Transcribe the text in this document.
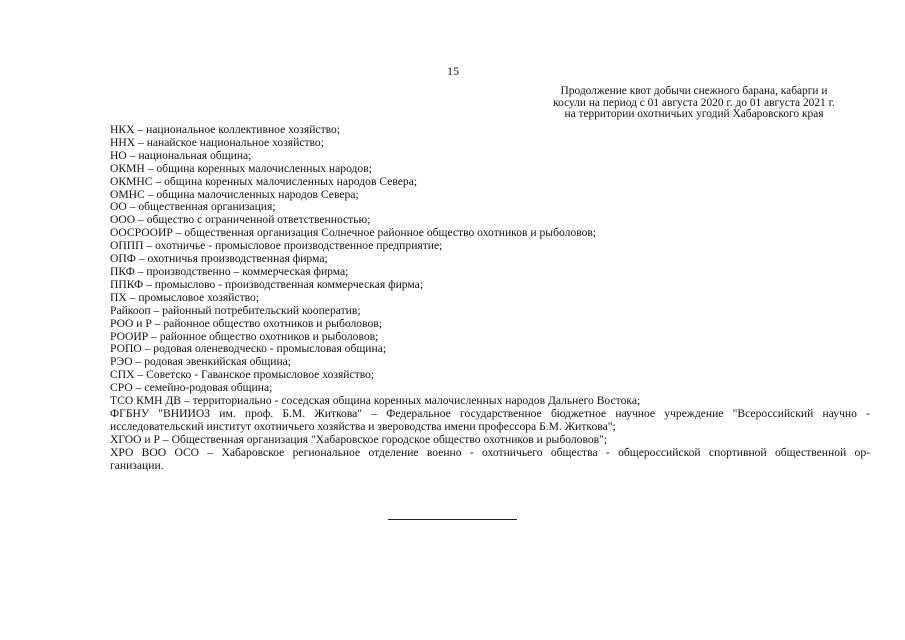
15
Продолжение квот добычи снежного барана, кабарги и
косули на период с 01 августа 2020 г. до 01 августа 2021 г.
на территории охотничьих угодий Хабаровского края
НКХ – национальное коллективное хозяйство;
ННХ – нанайское национальное хозяйство;
НО – национальная община;
ОКМН – община коренных малочисленных народов;
ОКМНС – община коренных малочисленных народов Севера;
ОМНС – община малочисленных народов Севера;
ОО – общественная организация;
ООО – общество с ограниченной ответственностью;
ООСРООИР – общественная организация Солнечное районное общество охотников и рыболовов;
ОППП – охотничье - промысловое производственное предприятие;
ОПФ – охотничья производственная фирма;
ПКФ – производственно – коммерческая фирма;
ППКФ – промыслово - производственная коммерческая фирма;
ПХ – промысловое хозяйство;
Райкооп – районный потребительский кооператив;
РОО и Р – районное общество охотников и рыболовов;
РООИР – районное общество охотников и рыболовов;
РОПО – родовая оленеводческо - промысловая община;
РЭО – родовая эвенкийская община;
СПХ – Советско - Гаванское промысловое хозяйство;
СРО – семейно-родовая община;
ТСО КМН ДВ – территориально - соседская община коренных малочисленных народов Дальнего Востока;
ФГБНУ "ВНИИОЗ им. проф. Б.М. Житкова" – Федеральное государственное бюджетное научное учреждение "Всероссийский научно -
исследовательский институт охотничьего хозяйства и звероводства имени профессора Б.М. Житкова";
ХГОО и Р – Общественная организация "Хабаровское городское общество охотников и рыболовов";
ХРО ВОО ОСО – Хабаровское региональное отделение военно - охотничьего общества - общероссийской спортивной общественной ор-
ганизации.
